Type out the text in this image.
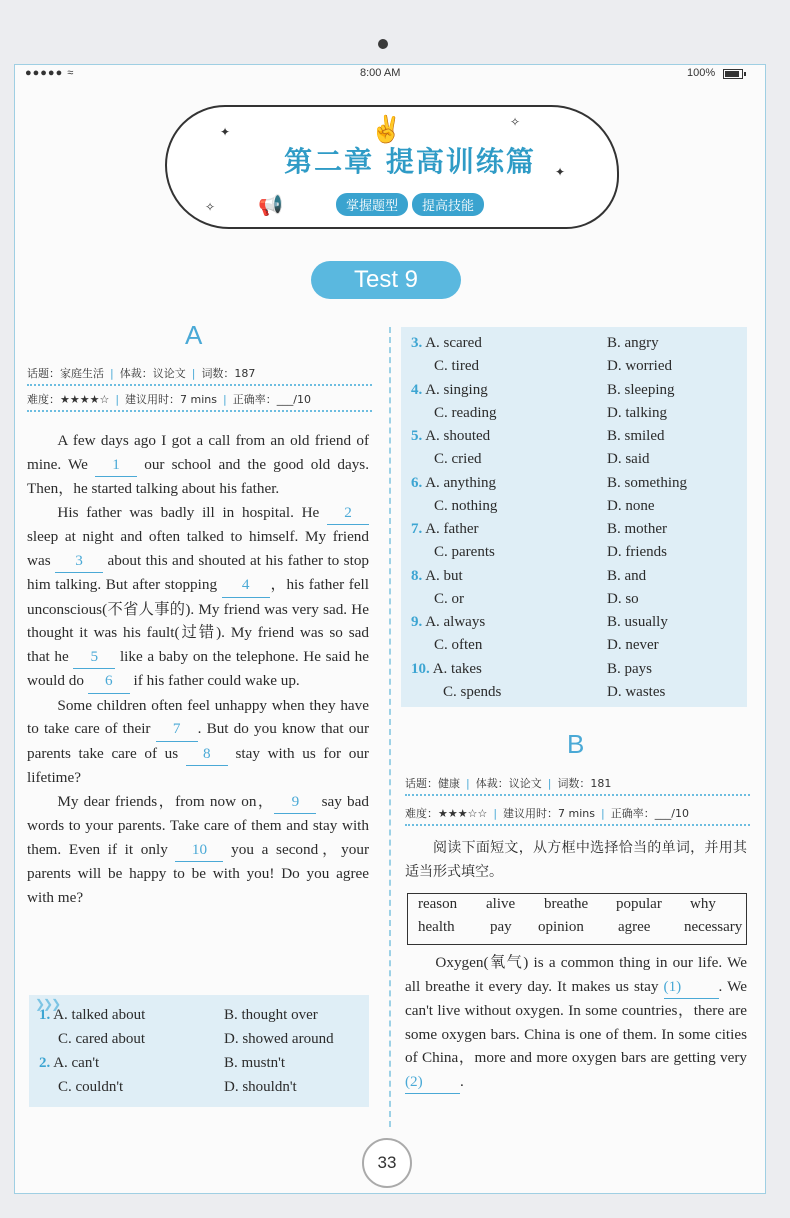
●●●●● ≈	8:00 AM	100%
✌
✦
✧
✦
✧
第二章 提高训练篇
📢	掌握题型 提高技能
Test 9
A
话题：家庭生活 | 体裁：议论文 | 词数：187
难度：★★★★☆ | 建议用时：7 mins | 正确率：___/10

A few days ago I got a call from an old friend of mine. We 1 our school and the good old days. Then，he started talking about his father.

His father was badly ill in hospital. He 2 sleep at night and often talked to himself. My friend was 3 about this and shouted at his father to stop him talking. But after stopping 4 ，his father fell unconscious(不省人事的). My friend was very sad. He thought it was his fault(过错). My friend was so sad that he 5 like a baby on the telephone. He said he would do 6 if his father could wake up.

Some children often feel unhappy when they have to take care of their 7 . But do you know that our parents take care of us 8 stay with us for our lifetime?

My dear friends，from now on， 9 say bad words to your parents. Take care of them and stay with them. Even if it only 10 you a second，your parents will be happy to be with you! Do you agree with me?

❯❯❯
1. A. talked about	B. thought over
C. cared about	D. showed around
2. A. can't	B. mustn't
C. couldn't	D. shouldn't
3. A. scared	B. angry
C. tired	D. worried
4. A. singing	B. sleeping
C. reading	D. talking
5. A. shouted	B. smiled
C. cried	D. said
6. A. anything	B. something
C. nothing	D. none
7. A. father	B. mother
C. parents	D. friends
8. A. but	B. and
C. or	D. so
9. A. always	B. usually
C. often	D. never
10. A. takes	B. pays
C. spends	D. wastes
B
话题：健康 | 体裁：议论文 | 词数：181
难度：★★★☆☆ | 建议用时：7 mins | 正确率：___/10

阅读下面短文，从方框中选择恰当的单词，并用其适当形式填空。

reason alive breathe popular why
health pay opinion agree necessary

Oxygen(氧气) is a common thing in our life. We all breathe it every day. It makes us stay (1) . We can't live without oxygen. In some countries，there are some oxygen bars. China is one of them. In some cities of China，more and more oxygen bars are getting very (2) .

33
